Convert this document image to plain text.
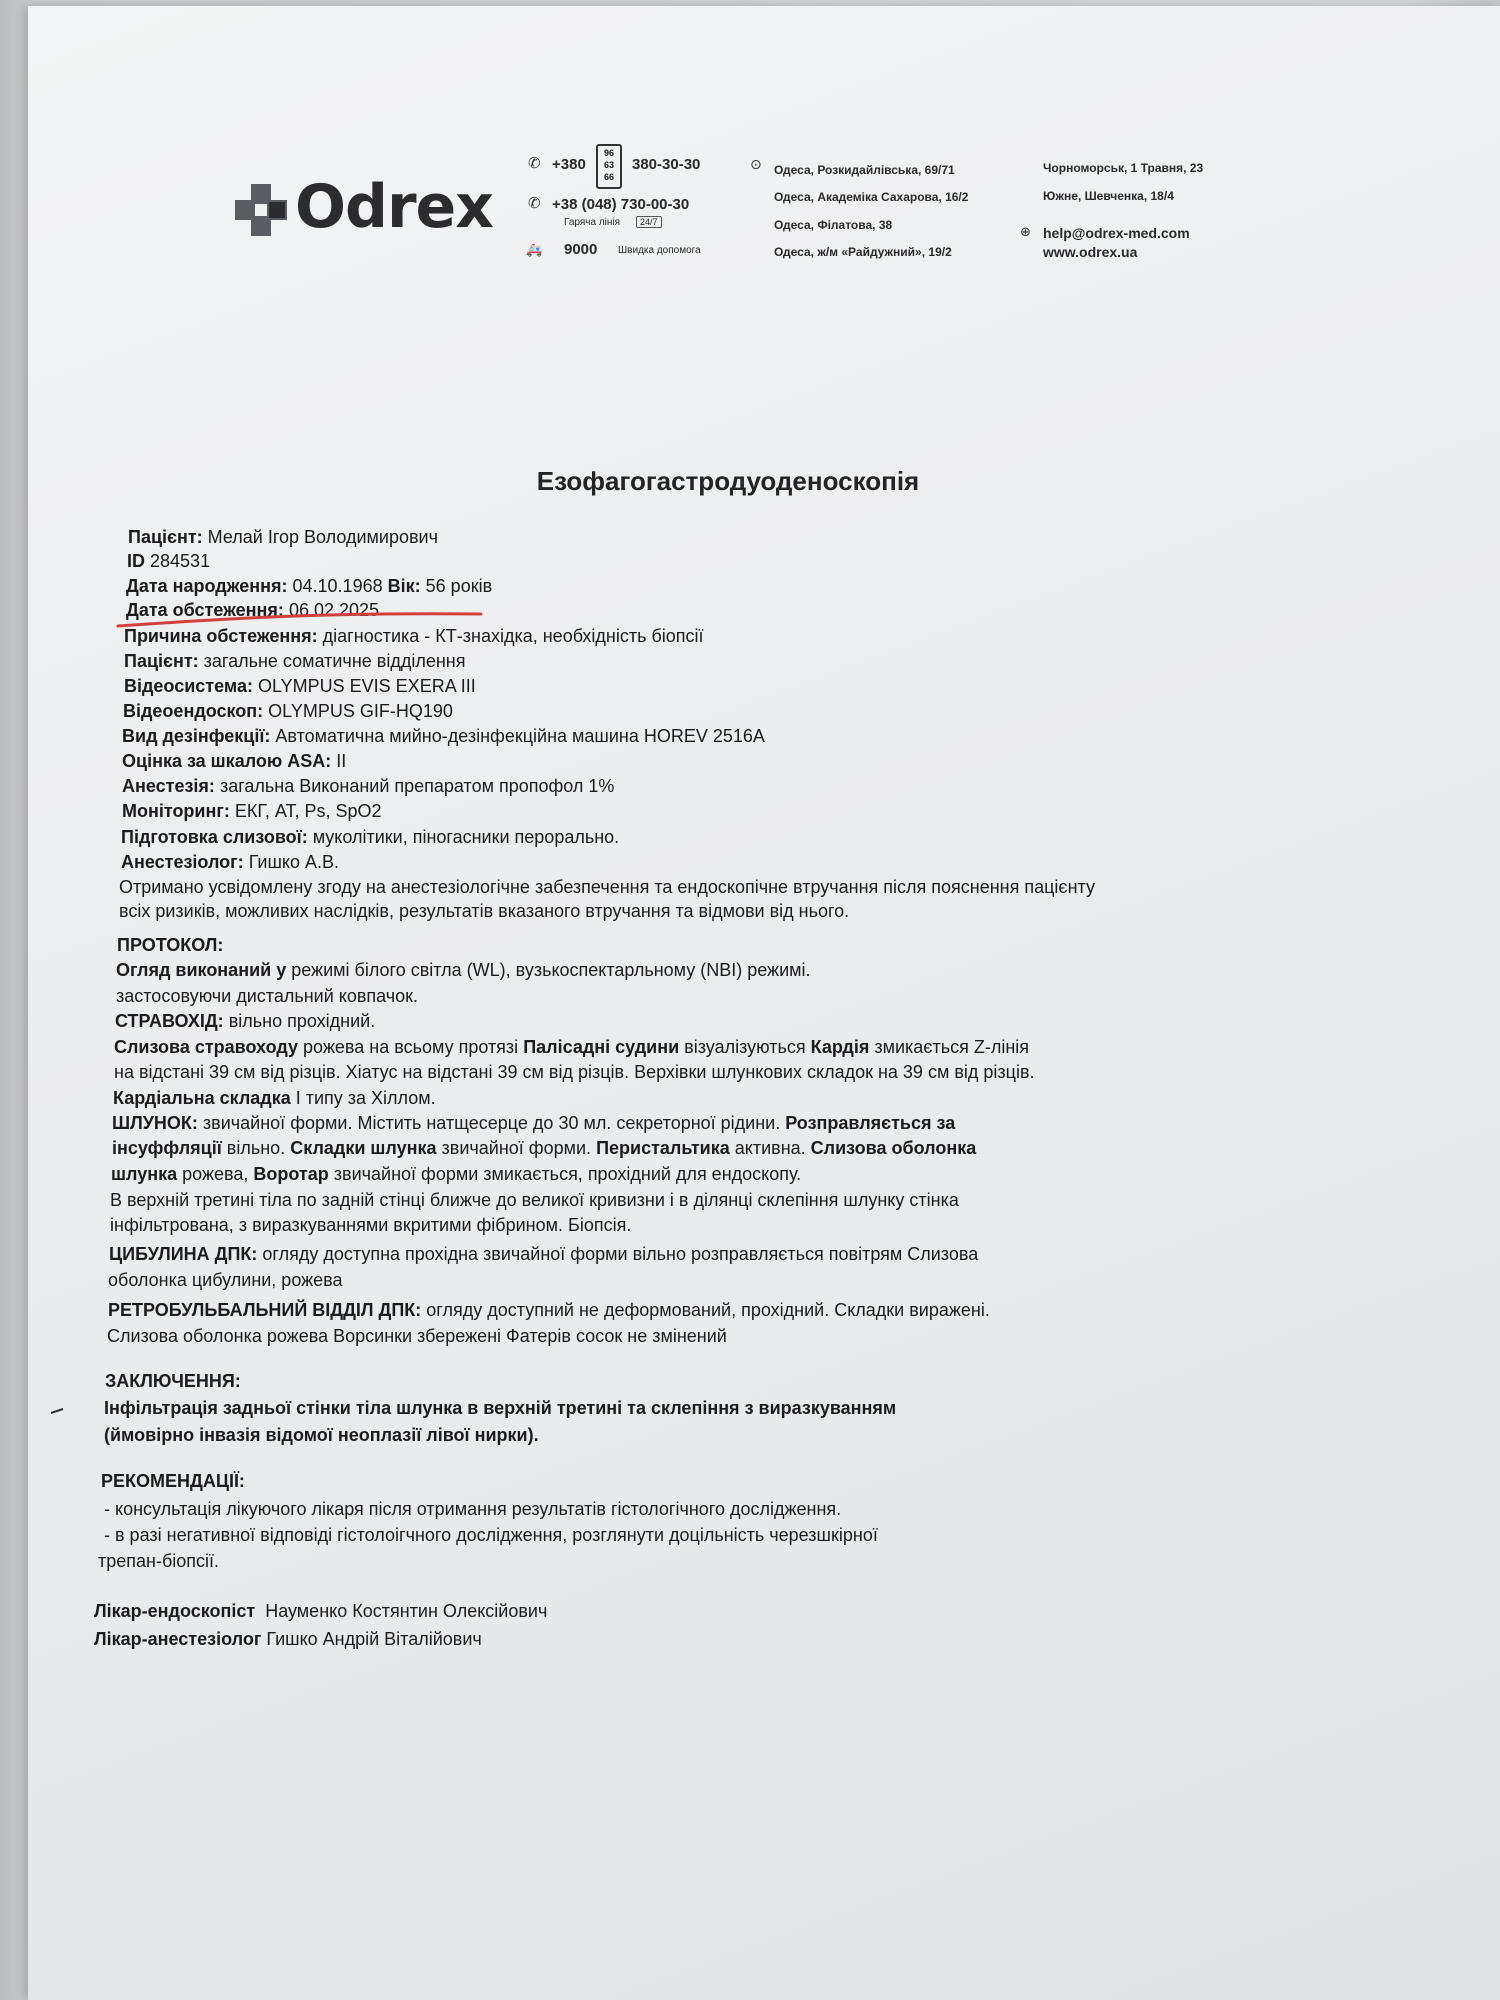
Odrex
✆ +380
96
63
66
380-30-30
✆ +38 (048) 730-00-30
Гаряча лінія	24/7
🚑 9000 Швидка допомога
⊙ Одеса, Розкидайлівська, 69/71
Одеса, Академіка Сахарова, 16/2
Одеса, Філатова, 38
Одеса, ж/м «Райдужний», 19/2
Чорноморськ, 1 Травня, 23
Южне, Шевченка, 18/4
⊕ help@odrex-med.com
www.odrex.ua
Езофагогастродуоденоскопія
Пацієнт: Мелай Ігор Володимирович
ID 284531
Дата народження: 04.10.1968 Вік: 56 років
Дата обстеження: 06.02.2025
Причина обстеження: діагностика - КТ-знахідка, необхідність біопсії
Пацієнт: загальне соматичне відділення
Відеосистема: OLYMPUS EVIS EXERA III
Відеоендоскоп: OLYMPUS GIF-HQ190
Вид дезінфекції: Автоматична мийно-дезінфекційна машина HOREV 2516A
Оцінка за шкалою ASA: II
Анестезія: загальна Виконаний препаратом пропофол 1%
Моніторинг: ЕКГ, АТ, Ps, SpO2
Підготовка слизової: муколітики, піногасники перорально.
Анестезіолог: Гишко А.В.
Отримано усвідомлену згоду на анестезіологічне забезпечення та ендоскопічне втручання після пояснення пацієнту
всіх ризиків, можливих наслідків, результатів вказаного втручання та відмови від нього.
ПРОТОКОЛ:
Огляд виконаний у режимі білого світла (WL), вузькоспектарльному (NBI) режимі.
застосовуючи дистальний ковпачок.
СТРАВОХІД: вільно прохідний.
Слизова стравоходу рожева на всьому протязі Палісадні судини візуалізуються Кардія змикається Z-лінія
на відстані 39 см від різців. Хіатус на відстані 39 см від різців. Верхівки шлункових складок на 39 см від різців.
Кардіальна складка I типу за Хіллом.
ШЛУНОК: звичайної форми. Містить натщесерце до 30 мл. секреторної рідини. Розправляється за
інсуффляції вільно. Складки шлунка звичайної форми. Перистальтика активна. Слизова оболонка
шлунка рожева, Воротар звичайної форми змикається, прохідний для ендоскопу.
В верхній третині тіла по задній стінці ближче до великої кривизни і в ділянці склепіння шлунку стінка
інфільтрована, з виразкуваннями вкритими фібрином. Біопсія.
ЦИБУЛИНА ДПК: огляду доступна прохідна звичайної форми вільно розправляється повітрям Слизова
оболонка цибулини, рожева
РЕТРОБУЛЬБАЛЬНИЙ ВІДДІЛ ДПК: огляду доступний не деформований, прохідний. Складки виражені.
Слизова оболонка рожева Ворсинки збережені Фатерів сосок не змінений
ЗАКЛЮЧЕННЯ:
Інфільтрація задньої стінки тіла шлунка в верхній третині та склепіння з виразкуванням
(ймовірно інвазія відомої неоплазії лівої нирки).
РЕКОМЕНДАЦІЇ:
- консультація лікуючого лікаря після отримання результатів гістологічного дослідження.
- в разі негативної відповіді гістолоігчного дослідження, розглянути доцільність черезшкірної
трепан-біопсії.
Лікар-ендоскопіст Науменко Костянтин Олексійович
Лікар-анестезіолог Гишко Андрій Віталійович
